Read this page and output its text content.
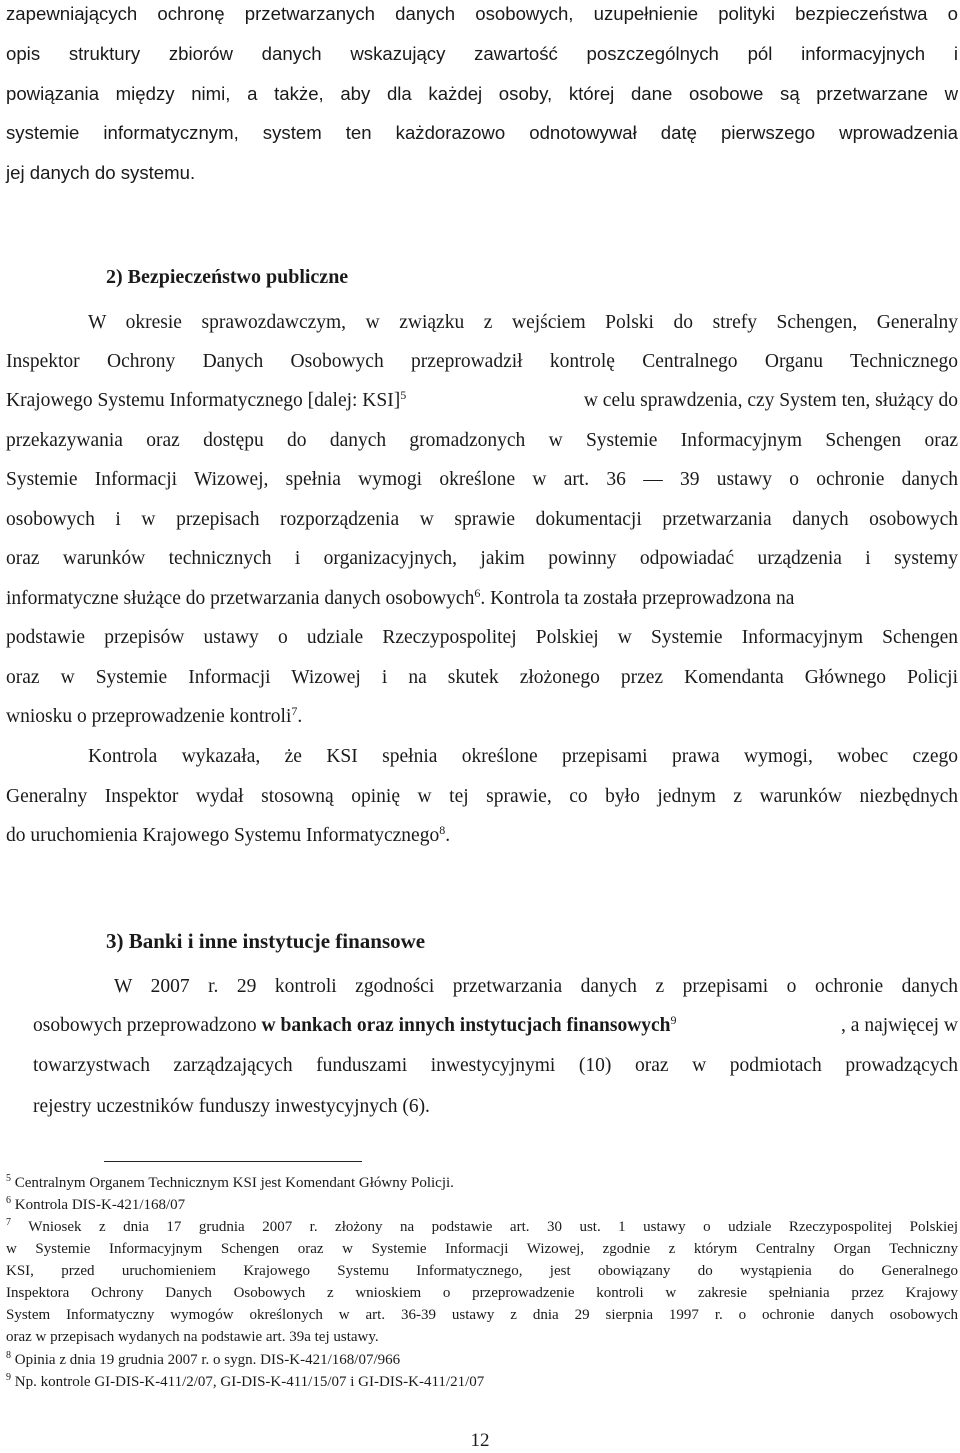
zapewniających ochronę przetwarzanych danych osobowych, uzupełnienie polityki bezpieczeństwa o
opis struktury zbiorów danych wskazujący zawartość poszczególnych pól informacyjnych i
powiązania między nimi, a także, aby dla każdej osoby, której dane osobowe są przetwarzane w
systemie informatycznym, system ten każdorazowo odnotowywał datę pierwszego wprowadzenia
jej danych do systemu.
2) Bezpieczeństwo publiczne
W okresie sprawozdawczym, w związku z wejściem Polski do strefy Schengen, Generalny
Inspektor Ochrony Danych Osobowych przeprowadził kontrolę Centralnego Organu Technicznego
Krajowego Systemu Informatycznego [dalej: KSI]$^5$	w celu sprawdzenia, czy System ten, służący do
przekazywania oraz dostępu do danych gromadzonych w Systemie Informacyjnym Schengen oraz
Systemie Informacji Wizowej, spełnia wymogi określone w art. 36 — 39 ustawy o ochronie danych
osobowych i w przepisach rozporządzenia w sprawie dokumentacji przetwarzania danych osobowych
oraz warunków technicznych i organizacyjnych, jakim powinny odpowiadać urządzenia i systemy
informatyczne służące do przetwarzania danych osobowych$^6$. Kontrola ta została przeprowadzona na
podstawie przepisów ustawy o udziale Rzeczypospolitej Polskiej w Systemie Informacyjnym Schengen
oraz w Systemie Informacji Wizowej i na skutek złożonego przez Komendanta Głównego Policji
wniosku o przeprowadzenie kontroli$^7$.
Kontrola wykazała, że KSI spełnia określone przepisami prawa wymogi, wobec czego
Generalny Inspektor wydał stosowną opinię w tej sprawie, co było jednym z warunków niezbędnych
do uruchomienia Krajowego Systemu Informatycznego$^8$.
3) Banki i inne instytucje finansowe
W 2007 r. 29 kontroli zgodności przetwarzania danych z przepisami o ochronie danych
osobowych przeprowadzono w bankach oraz innych instytucjach finansowych$^9$	, a najwięcej w
towarzystwach zarządzających funduszami inwestycyjnymi (10) oraz w podmiotach prowadzących
rejestry uczestników funduszy inwestycyjnych (6).
$^5$ Centralnym Organem Technicznym KSI jest Komendant Główny Policji.
$^6$ Kontrola DIS-K-421/168/07
$^7$ Wniosek z dnia 17 grudnia 2007 r. złożony na podstawie art. 30 ust. 1 ustawy o udziale Rzeczypospolitej Polskiej
w Systemie Informacyjnym Schengen oraz w Systemie Informacji Wizowej, zgodnie z którym Centralny Organ Techniczny
KSI, przed uruchomieniem Krajowego Systemu Informatycznego, jest obowiązany do wystąpienia do Generalnego
Inspektora Ochrony Danych Osobowych z wnioskiem o przeprowadzenie kontroli w zakresie spełniania przez Krajowy
System Informatyczny wymogów określonych w art. 36-39 ustawy z dnia 29 sierpnia 1997 r. o ochronie danych osobowych
oraz w przepisach wydanych na podstawie art. 39a tej ustawy.
$^8$ Opinia z dnia 19 grudnia 2007 r. o sygn. DIS-K-421/168/07/966
$^9$ Np. kontrole GI-DIS-K-411/2/07, GI-DIS-K-411/15/07 i GI-DIS-K-411/21/07
12
